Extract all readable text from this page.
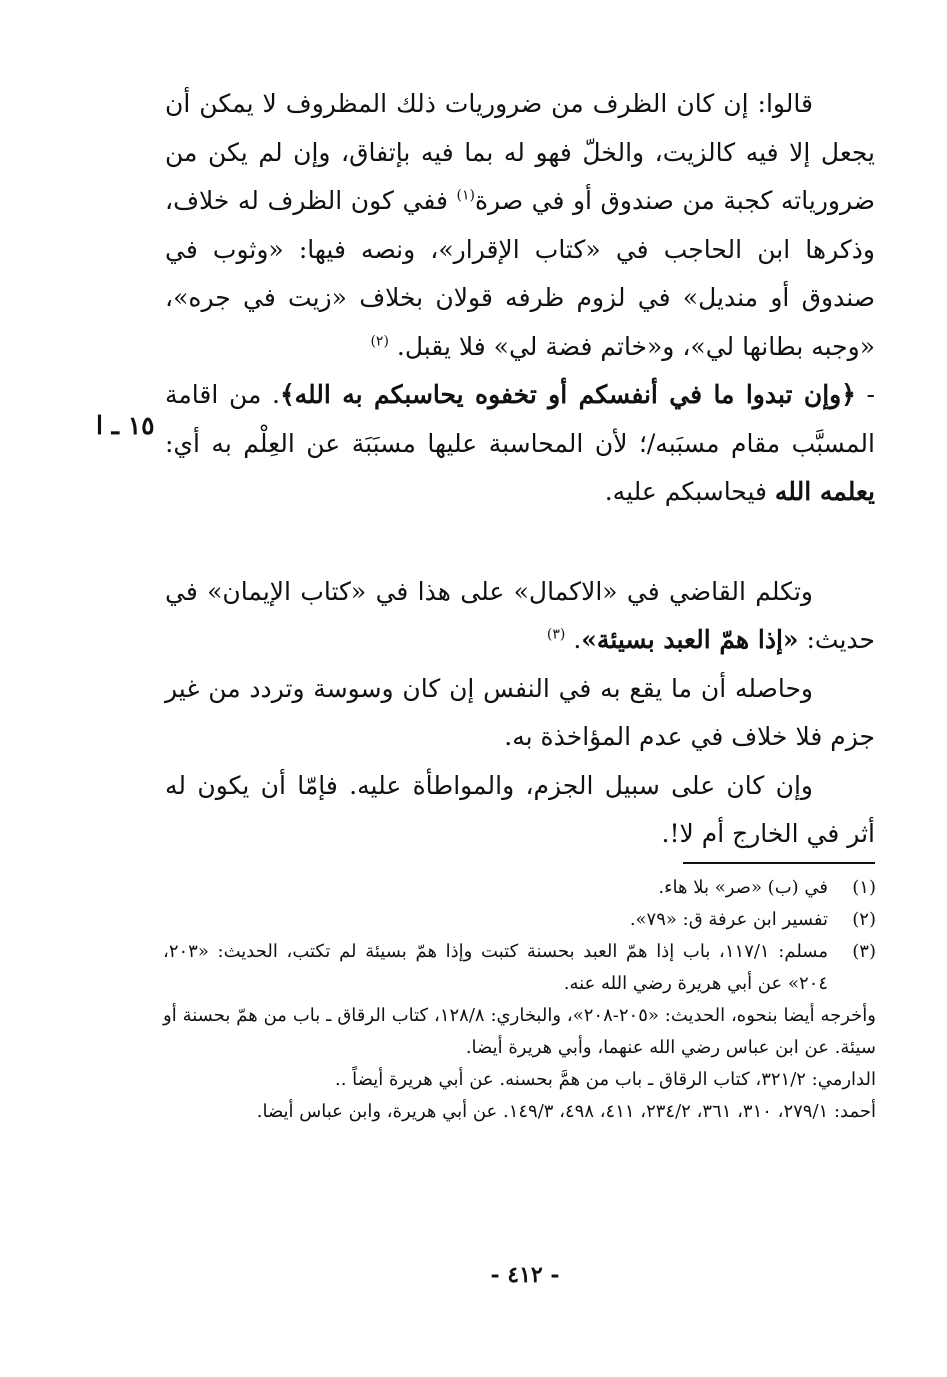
قالوا: إن كان الظرف من ضروريات ذلك المظروف لا يمكن أن يجعل إلا فيه كالزيت، والخلّ فهو له بما فيه بإتفاق، وإن لم يكن من ضرورياته كجبة من صندوق أو في صرة$^{(١)}$ ففي كون الظرف له خلاف، وذكرها ابن الحاجب في «كتاب الإقرار»، ونصه فيها: «وثوب في صندوق أو منديل» في لزوم ظرفه قولان بخلاف «زيت في جره»، «وجبه بطانها لي»، و«خاتم فضة لي» فلا يقبل. $^{(٢)}$

- ﴿وإن تبدوا ما في أنفسكم أو تخفوه يحاسبكم به الله﴾. من اقامة المسبَّب مقام مسبَبه/؛ لأن المحاسبة عليها مسبَبَة عن العِلْم به أي: يعلمه الله فيحاسبكم عليه.

وتكلم القاضي في «الاكمال» على هذا في «كتاب الإيمان» في حديث: «إذا همّ العبد بسيئة». $^{(٣)}$

وحاصله أن ما يقع به في النفس إن كان وسوسة وتردد من غير جزم فلا خلاف في عدم المؤاخذة به.

وإن كان على سبيل الجزم، والمواطأة عليه. فإمّا أن يكون له أثر في الخارج أم لا!.

١٥ ـ ا

(١)
في (ب) «صر» بلا هاء.

(٢)
تفسير ابن عرفة ق: «٧٩».

(٣)
مسلم: ١١٧/١، باب إذا همّ العبد بحسنة كتبت وإذا همّ بسيئة لم تكتب، الحديث: «٢٠٣، ٢٠٤» عن أبي هريرة رضي الله عنه.

وأخرجه أيضا بنحوه، الحديث: «٢٠٥-٢٠٨»، والبخاري: ١٢٨/٨، كتاب الرقاق ـ باب من همّ بحسنة أو سيئة. عن ابن عباس رضي الله عنهما، وأبي هريرة أيضا.

الدارمي: ٣٢١/٢، كتاب الرقاق ـ باب من همَّ بحسنه. عن أبي هريرة أيضاً ..

أحمد: ٢٧٩/١، ٣١٠، ٣٦١، ٢٣٤/٢، ٤١١، ٤٩٨، ١٤٩/٣. عن أبي هريرة، وابن عباس أيضا.

- ٤١٢ -
